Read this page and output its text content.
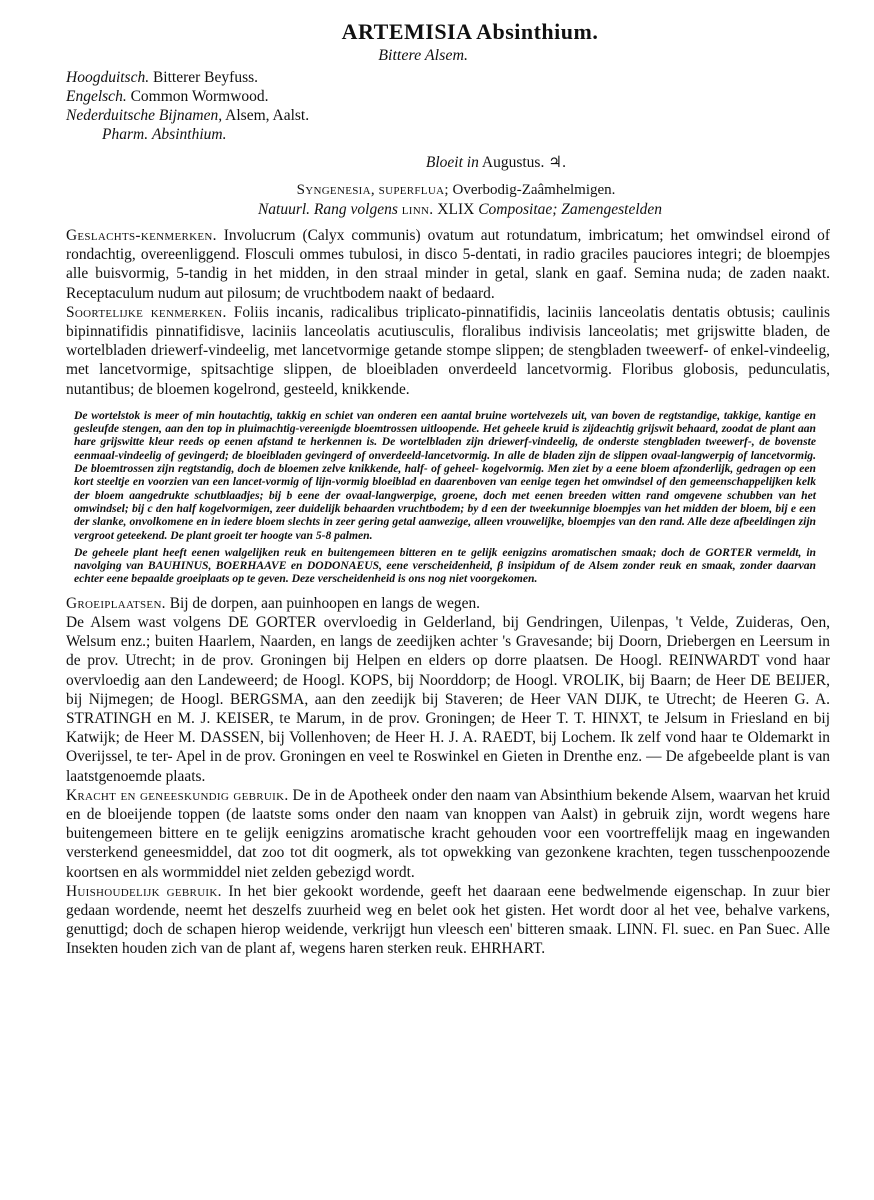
ARTEMISIA Absinthium.
Bittere Alsem.
Hoogduitsch. Bitterer Beyfuss.
Engelsch. Common Wormwood.
Nederduitsche Bijnamen, Alsem, Aalst.
Pharm. Absinthium.
Bloeit in Augustus. ♃.
Syngenesia, superflua; Overbodig-Zaâmhelmigen.
Natuurl. Rang volgens linn. XLIX Compositae; Zamengestelden

Geslachts-kenmerken. Involucrum (Calyx communis) ovatum aut rotundatum, imbricatum; het omwindsel eirond of rondachtig, overeenliggend. Flosculi ommes tubulosi, in disco 5-dentati, in radio graciles pauciores integri; de bloempjes alle buisvormig, 5-tandig in het midden, in den straal minder in getal, slank en gaaf. Semina nuda; de zaden naakt. Receptaculum nudum aut pilosum; de vruchtbodem naakt of bedaard.

Soortelijke kenmerken. Foliis incanis, radicalibus triplicato-pinnatifidis, laciniis lanceolatis dentatis obtusis; caulinis bipinnatifidis pinnatifidisve, laciniis lanceolatis acutiusculis, floralibus indivisis lanceolatis; met grijswitte bladen, de wortelbladen driewerf-vindeelig, met lancetvormige getande stompe slippen; de stengbladen tweewerf- of enkel-vindeelig, met lancetvormige, spitsachtige slippen, de bloeibladen onverdeeld lancetvormig. Floribus globosis, pedunculatis, nutantibus; de bloemen kogelrond, gesteeld, knikkende.

De wortelstok is meer of min houtachtig, takkig en schiet van onderen een aantal bruine wortelvezels uit, van boven de regtstandige, takkige, kantige en gesleufde stengen, aan den top in pluimachtig-vereenigde bloemtrossen uitloopende. Het geheele kruid is zijdeachtig grijswit behaard, zoodat de plant aan hare grijswitte kleur reeds op eenen afstand te herkennen is. De wortelbladen zijn driewerf-vindeelig, de onderste stengbladen tweewerf-, de bovenste eenmaal-vindeelig of gevingerd; de bloeibladen gevingerd of onverdeeld-lancetvormig. In alle de bladen zijn de slippen ovaal-langwerpig of lancetvormig. De bloemtrossen zijn regtstandig, doch de bloemen zelve knikkende, half- of geheel- kogelvormig. Men ziet by a eene bloem afzonderlijk, gedragen op een kort steeltje en voorzien van een lancet-vormig of lijn-vormig bloeiblad en daarenboven van eenige tegen het omwindsel of den gemeenschappelijken kelk der bloem aangedrukte schutblaadjes; bij b eene der ovaal-langwerpige, groene, doch met eenen breeden witten rand omgevene schubben van het omwindsel; bij c den half kogelvormigen, zeer duidelijk behaarden vruchtbodem; by d een der tweekunnige bloempjes van het midden der bloem, bij e een der slanke, onvolkomene en in iedere bloem slechts in zeer gering getal aanwezige, alleen vrouwelijke, bloempjes van den rand. Alle deze afbeeldingen zijn vergroot geteekend. De plant groeit ter hoogte van 5-8 palmen.

De geheele plant heeft eenen walgelijken reuk en buitengemeen bitteren en te gelijk eenigzins aromatischen smaak; doch de GORTER vermeldt, in navolging van BAUHINUS, BOERHAAVE en DODONAEUS, eene verscheidenheid, β insipidum of de Alsem zonder reuk en smaak, zonder daarvan echter eene bepaalde groeiplaats op te geven. Deze verscheidenheid is ons nog niet voorgekomen.

Groeiplaatsen. Bij de dorpen, aan puinhoopen en langs de wegen.

De Alsem wast volgens DE GORTER overvloedig in Gelderland, bij Gendringen, Uilenpas, 't Velde, Zuideras, Oen, Welsum enz.; buiten Haarlem, Naarden, en langs de zeedijken achter 's Gravesande; bij Doorn, Driebergen en Leersum in de prov. Utrecht; in de prov. Groningen bij Helpen en elders op dorre plaatsen. De Hoogl. REINWARDT vond haar overvloedig aan den Landeweerd; de Hoogl. KOPS, bij Noorddorp; de Hoogl. VROLIK, bij Baarn; de Heer DE BEIJER, bij Nijmegen; de Hoogl. BERGSMA, aan den zeedijk bij Staveren; de Heer VAN DIJK, te Utrecht; de Heeren G. A. STRATINGH en M. J. KEISER, te Marum, in de prov. Groningen; de Heer T. T. HINXT, te Jelsum in Friesland en bij Katwijk; de Heer M. DASSEN, bij Vollenhoven; de Heer H. J. A. RAEDT, bij Lochem. Ik zelf vond haar te Oldemarkt in Overijssel, te ter- Apel in de prov. Groningen en veel te Roswinkel en Gieten in Drenthe enz. — De afgebeelde plant is van laatstgenoemde plaats.

Kracht en geneeskundig gebruik. De in de Apotheek onder den naam van Absinthium bekende Alsem, waarvan het kruid en de bloeijende toppen (de laatste soms onder den naam van knoppen van Aalst) in gebruik zijn, wordt wegens hare buitengemeen bittere en te gelijk eenigzins aromatische kracht gehouden voor een voortreffelijk maag en ingewanden versterkend geneesmiddel, dat zoo tot dit oogmerk, als tot opwekking van gezonkene krachten, tegen tusschenpoozende koortsen en als wormmiddel niet zelden gebezigd wordt.

Huishoudelijk gebruik. In het bier gekookt wordende, geeft het daaraan eene bedwelmende eigenschap. In zuur bier gedaan wordende, neemt het deszelfs zuurheid weg en belet ook het gisten. Het wordt door al het vee, behalve varkens, genuttigd; doch de schapen hierop weidende, verkrijgt hun vleesch een' bitteren smaak. LINN. Fl. suec. en Pan Suec. Alle Insekten houden zich van de plant af, wegens haren sterken reuk. EHRHART.
